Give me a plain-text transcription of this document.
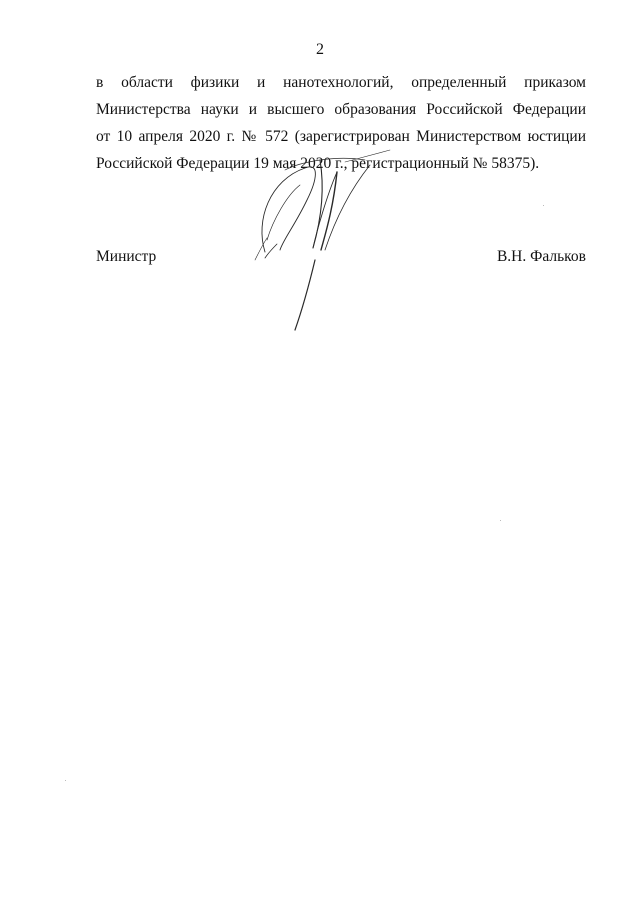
2
в области физики и нанотехнологий, определенный приказом
Министерства науки и высшего образования Российской Федерации
от 10 апреля 2020 г. № 572 (зарегистрирован Министерством юстиции
Российской Федерации 19 мая 2020 г., регистрационный № 58375).
Министр	В.Н. Фальков
